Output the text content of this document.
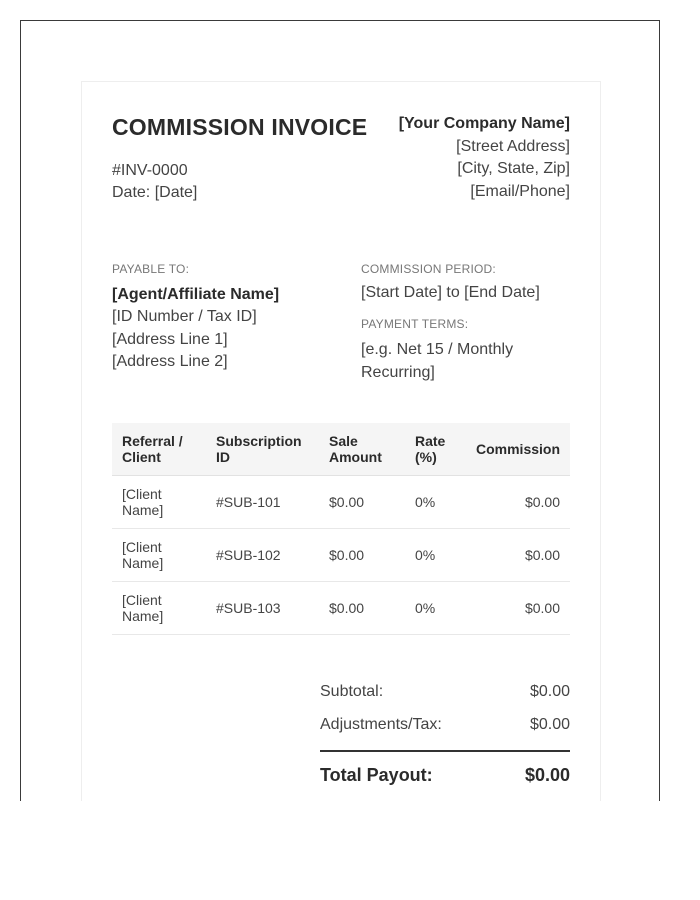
COMMISSION INVOICE
#INV-0000
Date: [Date]
[Your Company Name]
[Street Address]
[City, State, Zip]
[Email/Phone]
PAYABLE TO:
[Agent/Affiliate Name]
[ID Number / Tax ID]
[Address Line 1]
[Address Line 2]
COMMISSION PERIOD:
[Start Date] to [End Date]
PAYMENT TERMS:
[e.g. Net 15 / Monthly Recurring]
Referral / Client	Subscription ID	Sale Amount	Rate (%)	Commission
[Client Name]	#SUB-101	$0.00	0%	$0.00
[Client Name]	#SUB-102	$0.00	0%	$0.00
[Client Name]	#SUB-103	$0.00	0%	$0.00
Subtotal:	$0.00
Adjustments/Tax:	$0.00
Total Payout:	$0.00
